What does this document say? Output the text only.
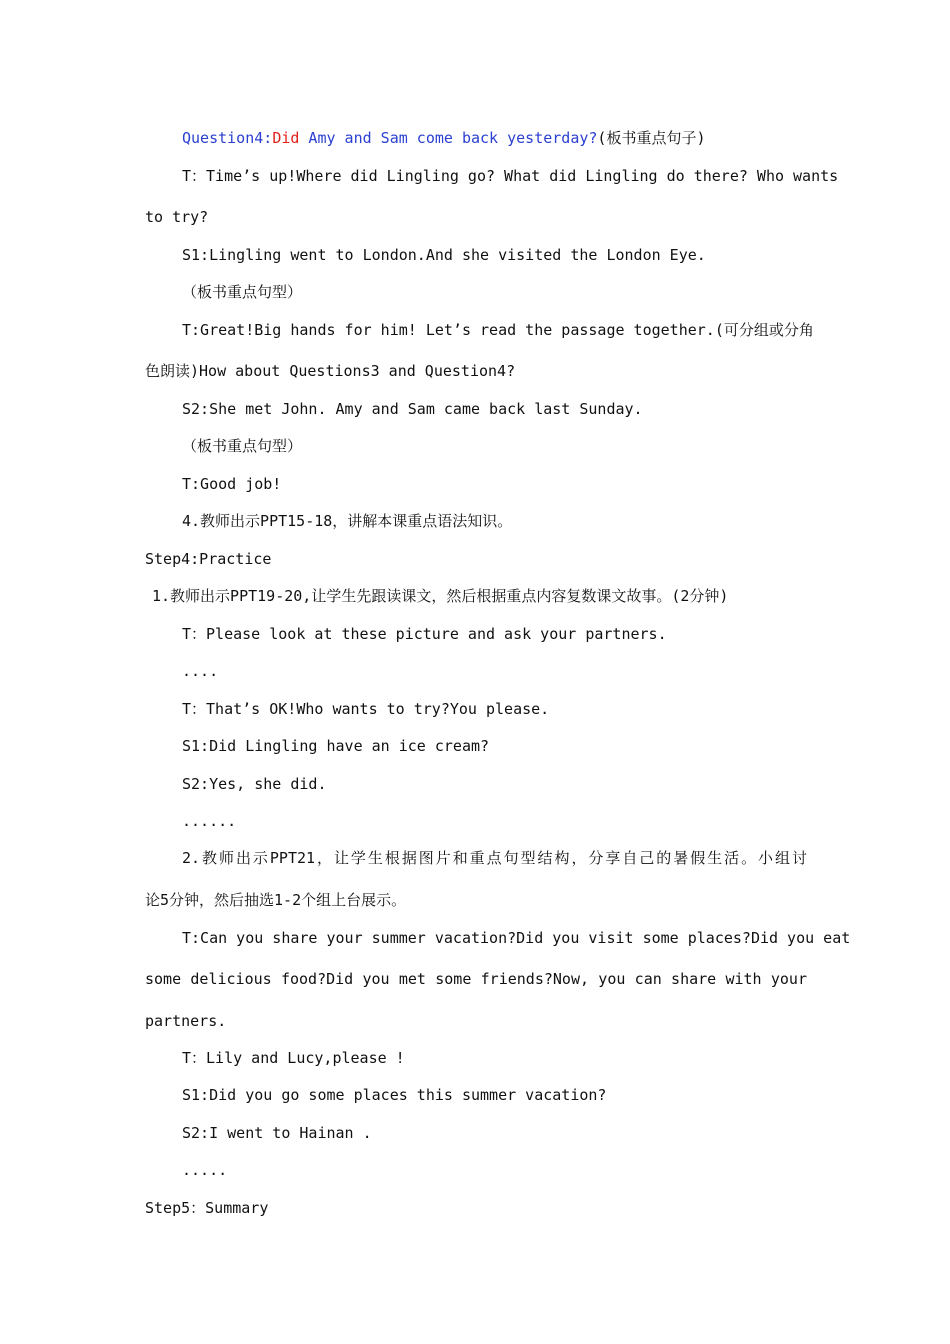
Question4:Did Amy and Sam come back yesterday?(板书重点句子)
T：Time’s up!Where did Lingling go? What did Lingling do there? Who wants
to try?
S1:Lingling went to London.And she visited the London Eye.
（板书重点句型）
T:Great!Big hands for him! Let’s read the passage together.(可分组或分角
色朗读)How about Questions3 and Question4?
S2:She met John. Amy and Sam came back last Sunday.
（板书重点句型）
T:Good job!
4.教师出示PPT15-18，讲解本课重点语法知识。
Step4:Practice
1.教师出示PPT19-20,让学生先跟读课文，然后根据重点内容复数课文故事。(2分钟)
T：Please look at these picture and ask your partners.
....
T：That’s OK!Who wants to try?You please.
S1:Did Lingling have an ice cream?
S2:Yes, she did.
......
2.教师出示PPT21，让学生根据图片和重点句型结构，分享自己的暑假生活。小组讨
论5分钟，然后抽选1-2个组上台展示。
T:Can you share your summer vacation?Did you visit some places?Did you eat
some delicious food?Did you met some friends?Now, you can share with your
partners.
T：Lily and Lucy,please !
S1:Did you go some places this summer vacation?
S2:I went to Hainan .
.....
Step5：Summary
